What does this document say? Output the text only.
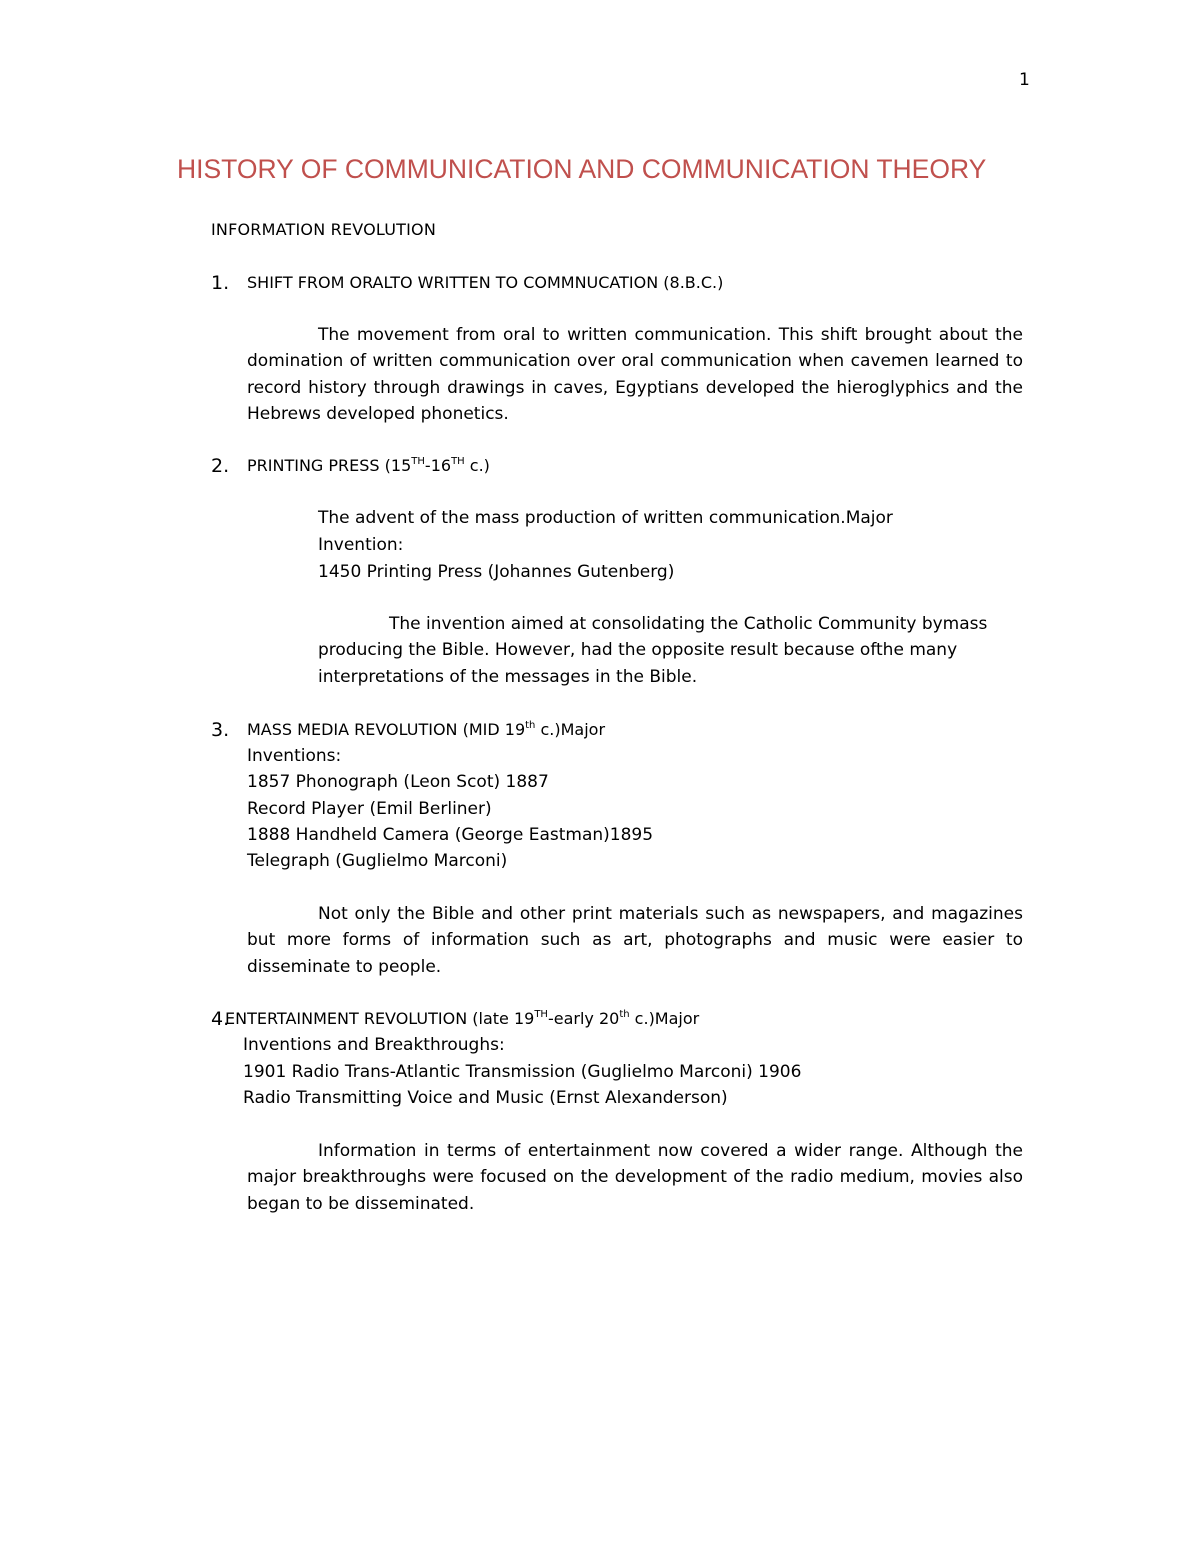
1
HISTORY OF COMMUNICATION AND COMMUNICATION THEORY
INFORMATION REVOLUTION
1. SHIFT FROM ORALTO WRITTEN TO COMMNUCATION (8.B.C.)

The movement from oral to written communication. This shift brought about the domination of written communication over oral communication when cavemen learned to record history through drawings in caves, Egyptians developed the hieroglyphics and the Hebrews developed phonetics.

2. PRINTING PRESS (15TH-16TH c.)
The advent of the mass production of written communication.Major
Invention:
1450 Printing Press (Johannes Gutenberg)

The invention aimed at consolidating the Catholic Community bymass producing the Bible. However, had the opposite result because ofthe many interpretations of the messages in the Bible.

3. MASS MEDIA REVOLUTION (MID 19th c.)Major
Inventions:
1857 Phonograph (Leon Scot) 1887
Record Player (Emil Berliner)
1888 Handheld Camera (George Eastman)1895
Telegraph (Guglielmo Marconi)

Not only the Bible and other print materials such as newspapers, and magazines but more forms of information such as art, photographs and music were easier to disseminate to people.

4.
ENTERTAINMENT REVOLUTION (late 19TH-early 20th c.)Major
Inventions and Breakthroughs:
1901 Radio Trans-Atlantic Transmission (Guglielmo Marconi) 1906
Radio Transmitting Voice and Music (Ernst Alexanderson)

Information in terms of entertainment now covered a wider range. Although the major breakthroughs were focused on the development of the radio medium, movies also began to be disseminated.
